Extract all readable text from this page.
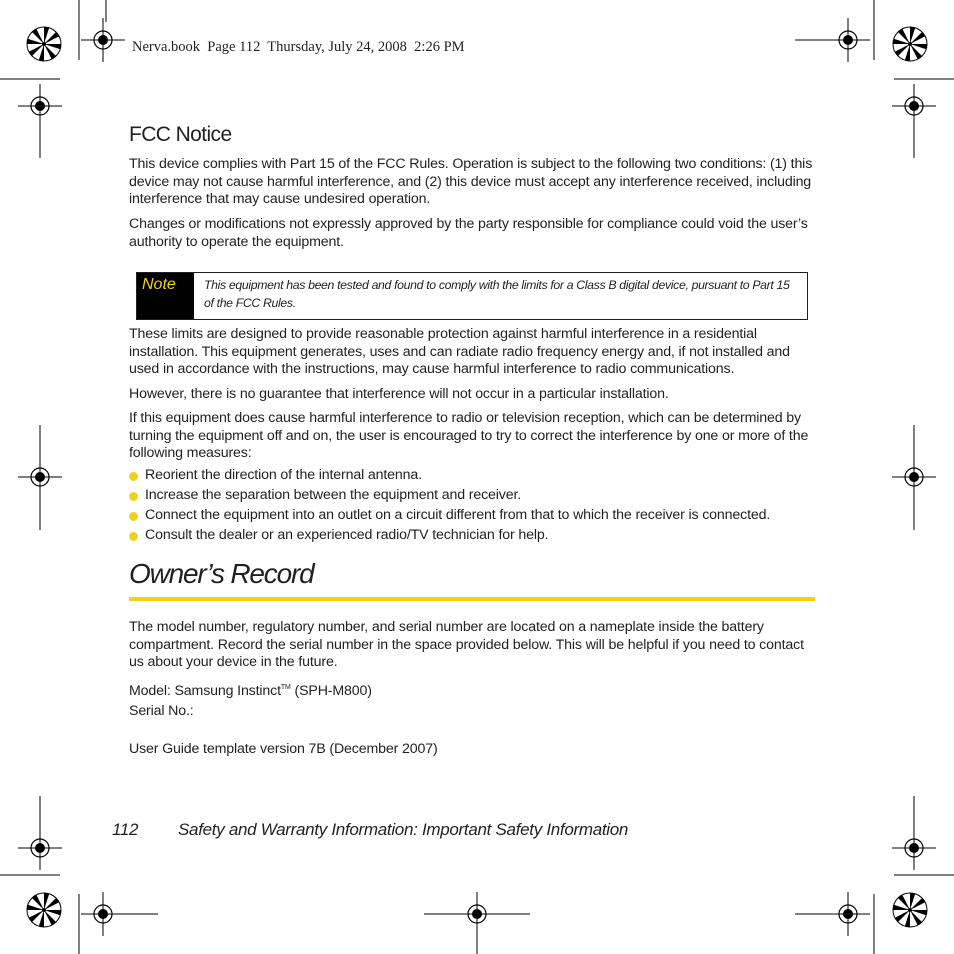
Nerva.book  Page 112  Thursday, July 24, 2008  2:26 PM
FCC Notice
This device complies with Part 15 of the FCC Rules. Operation is subject to the following two conditions: (1) this device may not cause harmful interference, and (2) this device must accept any interference received, including interference that may cause undesired operation.
Changes or modifications not expressly approved by the party responsible for compliance could void the user’s authority to operate the equipment.
Note This equipment has been tested and found to comply with the limits for a Class B digital device, pursuant to Part 15 of the FCC Rules.
These limits are designed to provide reasonable protection against harmful interference in a residential installation. This equipment generates, uses and can radiate radio frequency energy and, if not installed and used in accordance with the instructions, may cause harmful interference to radio communications.
However, there is no guarantee that interference will not occur in a particular installation.
If this equipment does cause harmful interference to radio or television reception, which can be determined by turning the equipment off and on, the user is encouraged to try to correct the interference by one or more of the following measures:
Reorient the direction of the internal antenna.
Increase the separation between the equipment and receiver.
Connect the equipment into an outlet on a circuit different from that to which the receiver is connected.
Consult the dealer or an experienced radio/TV technician for help.
Owner’s Record
The model number, regulatory number, and serial number are located on a nameplate inside the battery compartment. Record the serial number in the space provided below. This will be helpful if you need to contact us about your device in the future.
Model: Samsung Instinct™ (SPH-M800)
Serial No.:
User Guide template version 7B (December 2007)
112 Safety and Warranty Information: Important Safety Information
